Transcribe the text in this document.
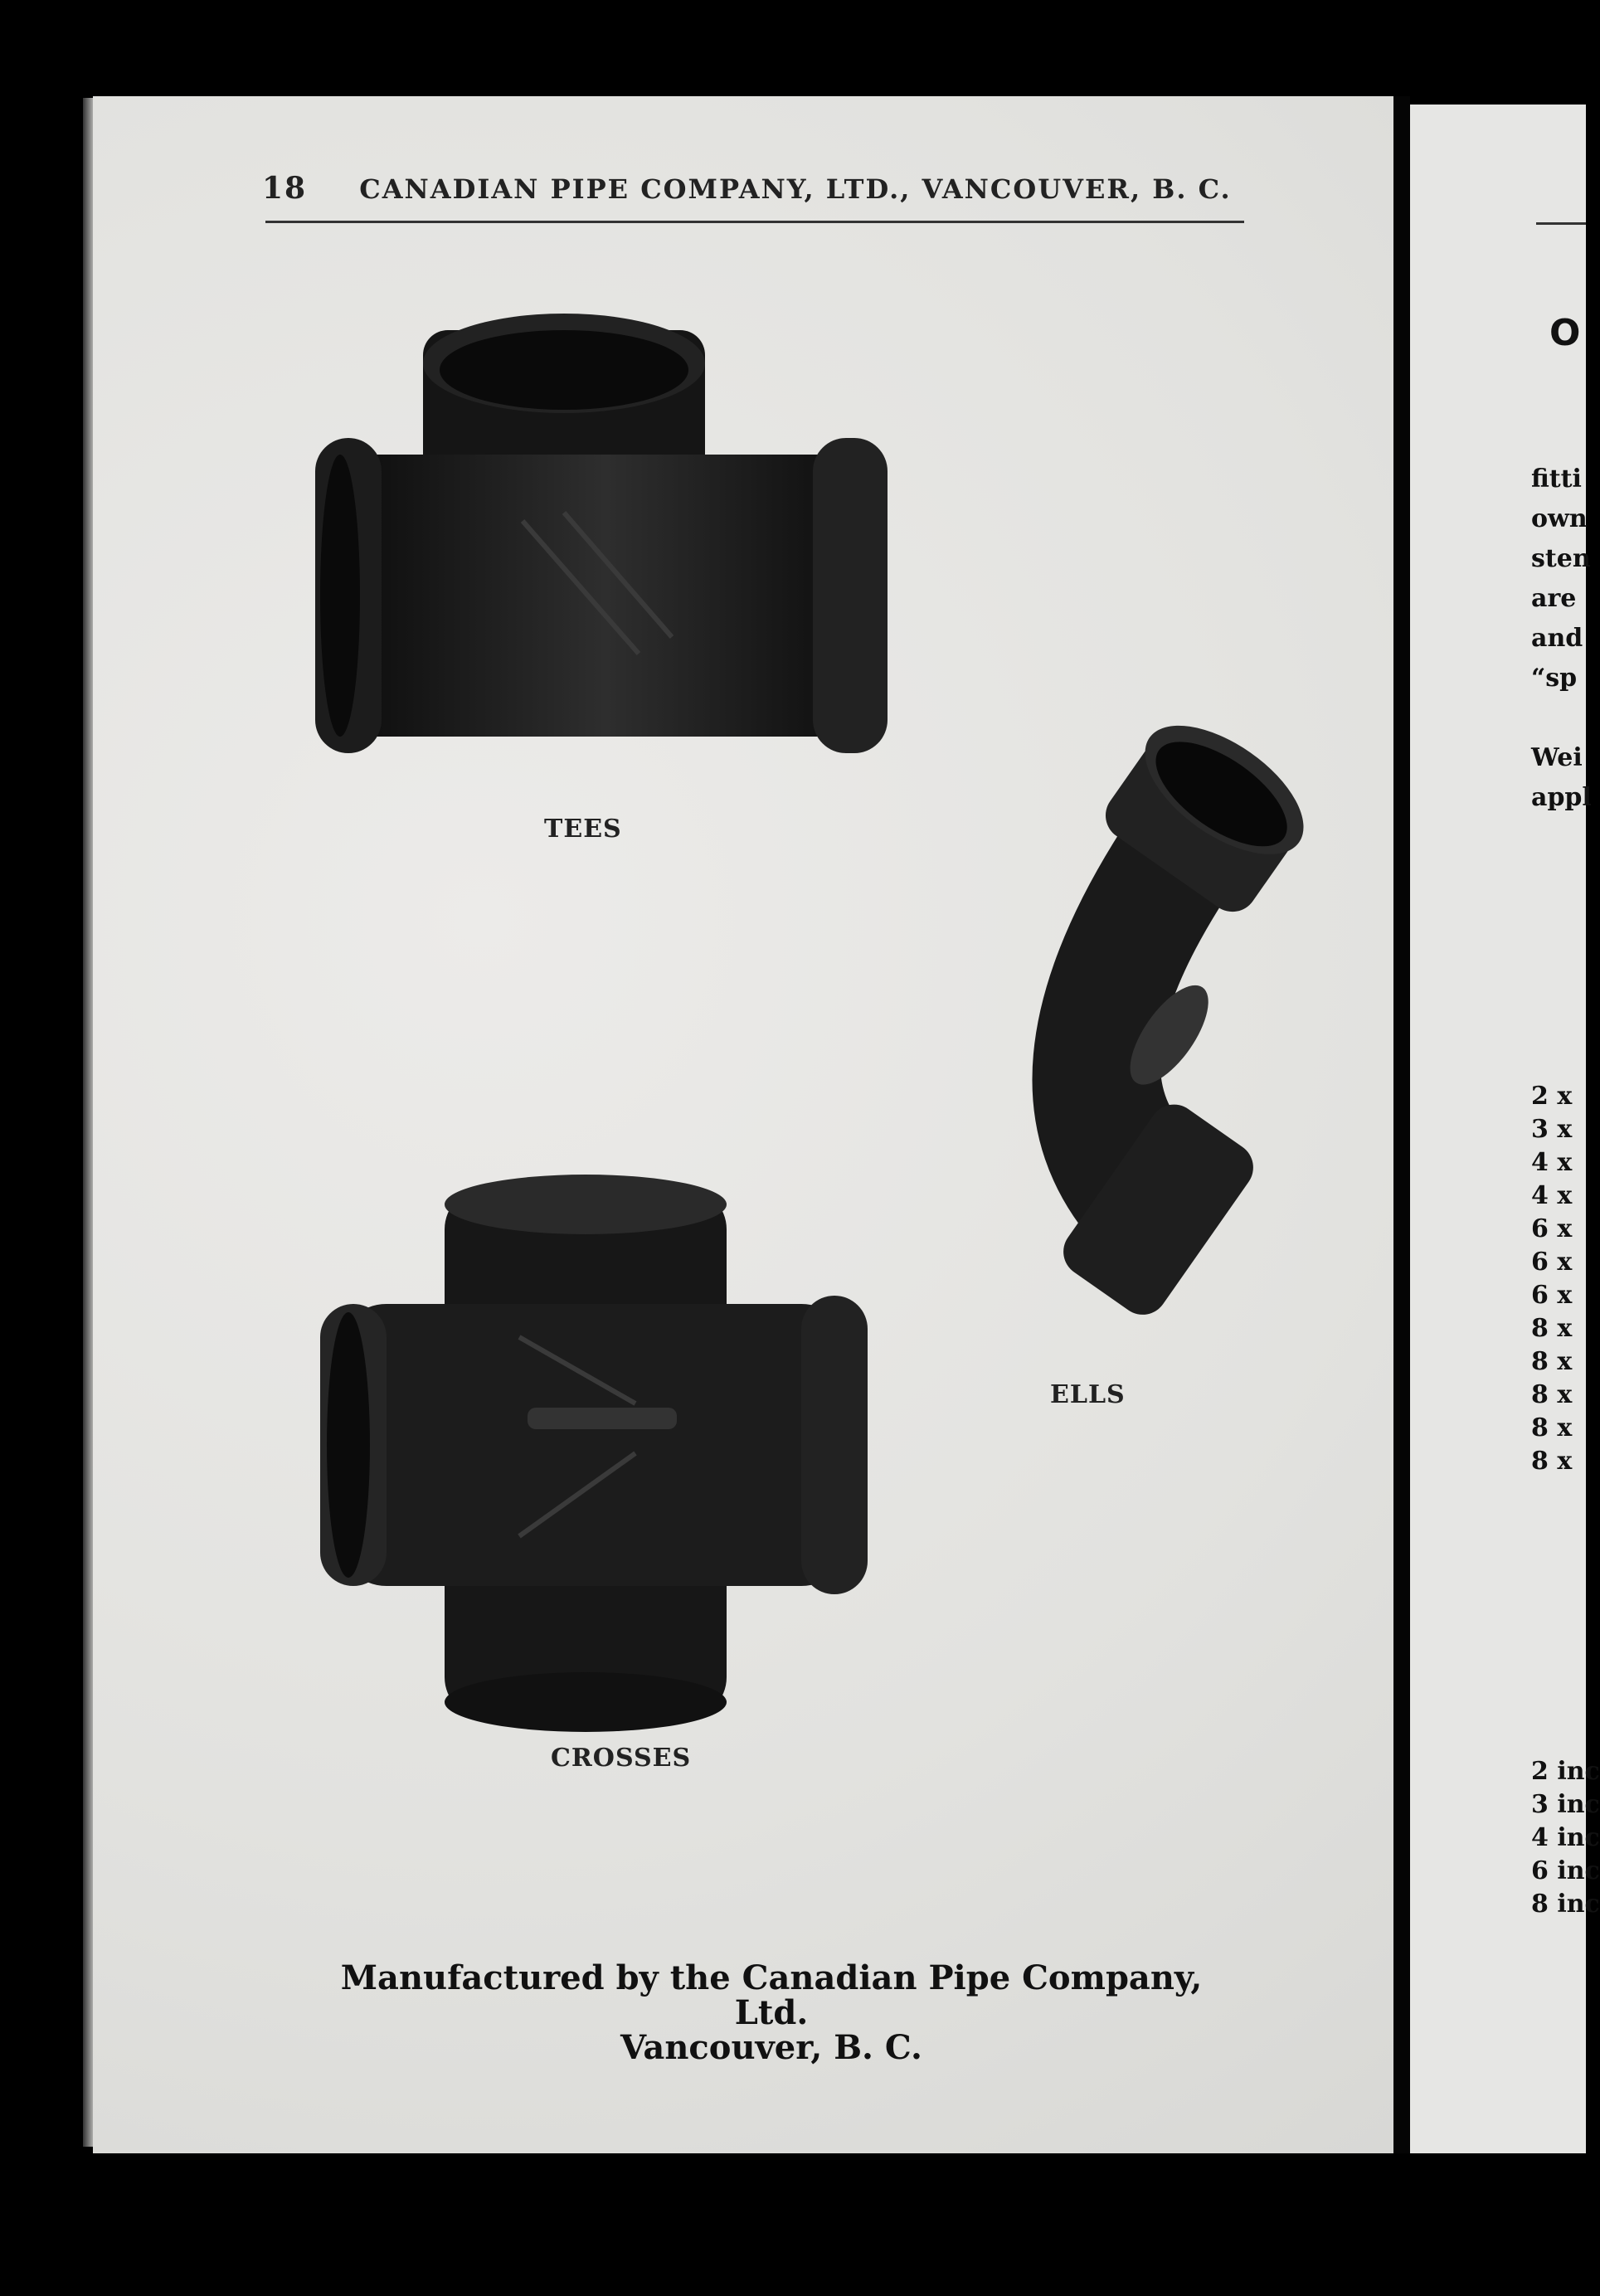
18 CANADIAN PIPE COMPANY, LTD., VANCOUVER, B. C.
TEES
ELLS
CROSSES
Manufactured by the Canadian Pipe Company, Ltd.
Vancouver, B. C.
O
fitti
own
sten
are
and
“sp
Wei
appl
2 x
3 x
4 x
4 x
6 x
6 x
6 x
8 x
8 x
8 x
8 x
8 x
2 inc
3 inc
4 inc
6 inc
8 inc
